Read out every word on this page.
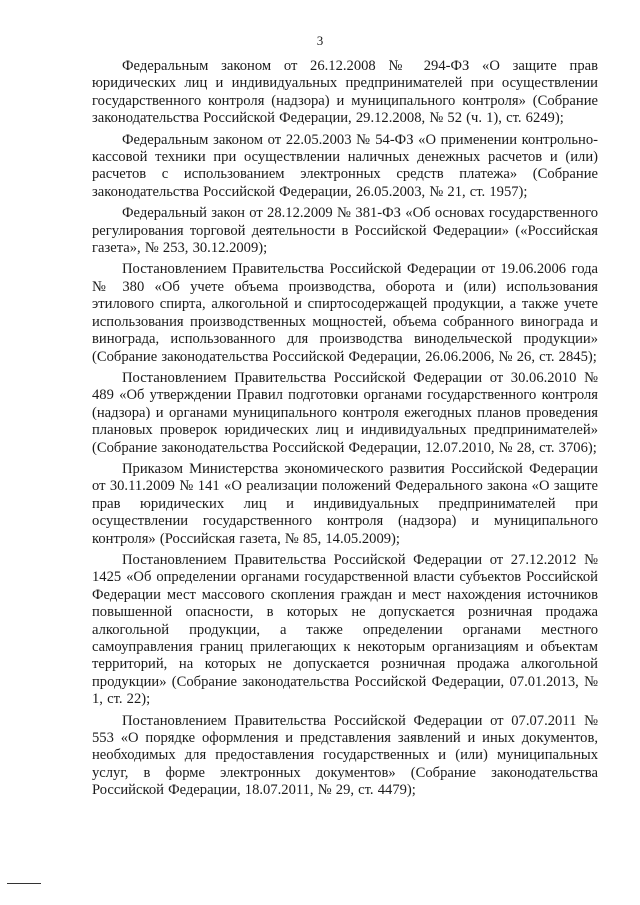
3

Федеральным законом от 26.12.2008 № 294-ФЗ «О защите прав юридических лиц и индивидуальных предпринимателей при осуществлении государственного контроля (надзора) и муниципального контроля» (Собрание законодательства Российской Федерации, 29.12.2008, № 52 (ч. 1), ст. 6249);

Федеральным законом от 22.05.2003 № 54-ФЗ «О применении контрольно-кассовой техники при осуществлении наличных денежных расчетов и (или) расчетов с использованием электронных средств платежа» (Собрание законодательства Российской Федерации, 26.05.2003, № 21, ст. 1957);

Федеральный закон от 28.12.2009 № 381-ФЗ «Об основах государственного регулирования торговой деятельности в Российской Федерации» («Российская газета», № 253, 30.12.2009);

Постановлением Правительства Российской Федерации от 19.06.2006 года № 380 «Об учете объема производства, оборота и (или) использования этилового спирта, алкогольной и спиртосодержащей продукции, а также учете использования производственных мощностей, объема собранного винограда и винограда, использованного для производства винодельческой продукции» (Собрание законодательства Российской Федерации, 26.06.2006, № 26, ст. 2845);

Постановлением Правительства Российской Федерации от 30.06.2010 № 489 «Об утверждении Правил подготовки органами государственного контроля (надзора) и органами муниципального контроля ежегодных планов проведения плановых проверок юридических лиц и индивидуальных предпринимателей» (Собрание законодательства Российской Федерации, 12.07.2010, № 28, ст. 3706);

Приказом Министерства экономического развития Российской Федерации от 30.11.2009 № 141 «О реализации положений Федерального закона «О защите прав юридических лиц и индивидуальных предпринимателей при осуществлении государственного контроля (надзора) и муниципального контроля» (Российская газета, № 85, 14.05.2009);

Постановлением Правительства Российской Федерации от 27.12.2012 № 1425 «Об определении органами государственной власти субъектов Российской Федерации мест массового скопления граждан и мест нахождения источников повышенной опасности, в которых не допускается розничная продажа алкогольной продукции, а также определении органами местного самоуправления границ прилегающих к некоторым организациям и объектам территорий, на которых не допускается розничная продажа алкогольной продукции» (Собрание законодательства Российской Федерации, 07.01.2013, № 1, ст. 22);

Постановлением Правительства Российской Федерации от 07.07.2011 № 553 «О порядке оформления и представления заявлений и иных документов, необходимых для предоставления государственных и (или) муниципальных услуг, в форме электронных документов» (Собрание законодательства Российской Федерации, 18.07.2011, № 29, ст. 4479);
